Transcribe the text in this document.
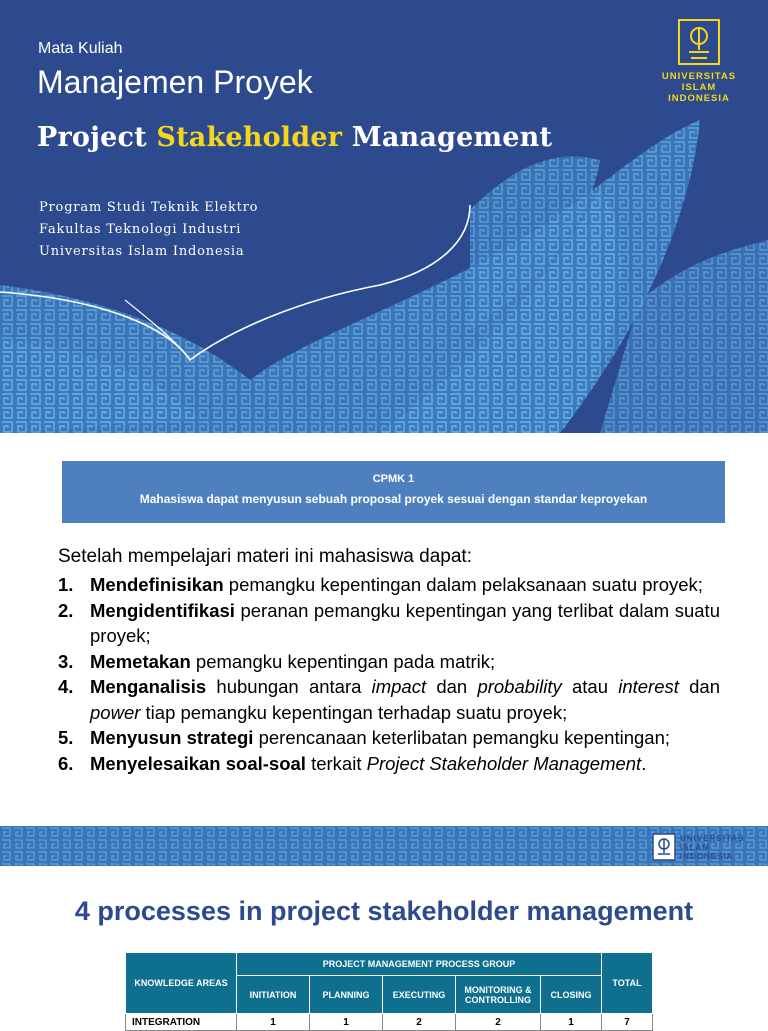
Mata Kuliah
Manajemen Proyek
Project Stakeholder Management
Program Studi Teknik Elektro
Fakultas Teknologi Industri
Universitas Islam Indonesia
UNIVERSITAS
ISLAM
INDONESIA
CPMK 1
Mahasiswa dapat menyusun sebuah proposal proyek sesuai dengan standar keproyekan
Setelah mempelajari materi ini mahasiswa dapat:
1. Mendefinisikan pemangku kepentingan dalam pelaksanaan suatu proyek;
2. Mengidentifikasi peranan pemangku kepentingan yang terlibat dalam suatu proyek;
3. Memetakan pemangku kepentingan pada matrik;
4. Menganalisis hubungan antara impact dan probability atau interest dan power tiap pemangku kepentingan terhadap suatu proyek;
5. Menyusun strategi perencanaan keterlibatan pemangku kepentingan;
6. Menyelesaikan soal-soal terkait Project Stakeholder Management.
UNIVERSITAS
ISLAM
INDONESIA
4 processes in project stakeholder management
KNOWLEDGE AREAS	PROJECT MANAGEMENT PROCESS GROUP					TOTAL
	INITIATION	PLANNING	EXECUTING	MONITORING & CONTROLLING	CLOSING	
INTEGRATION	1	1	2	2	1	7
